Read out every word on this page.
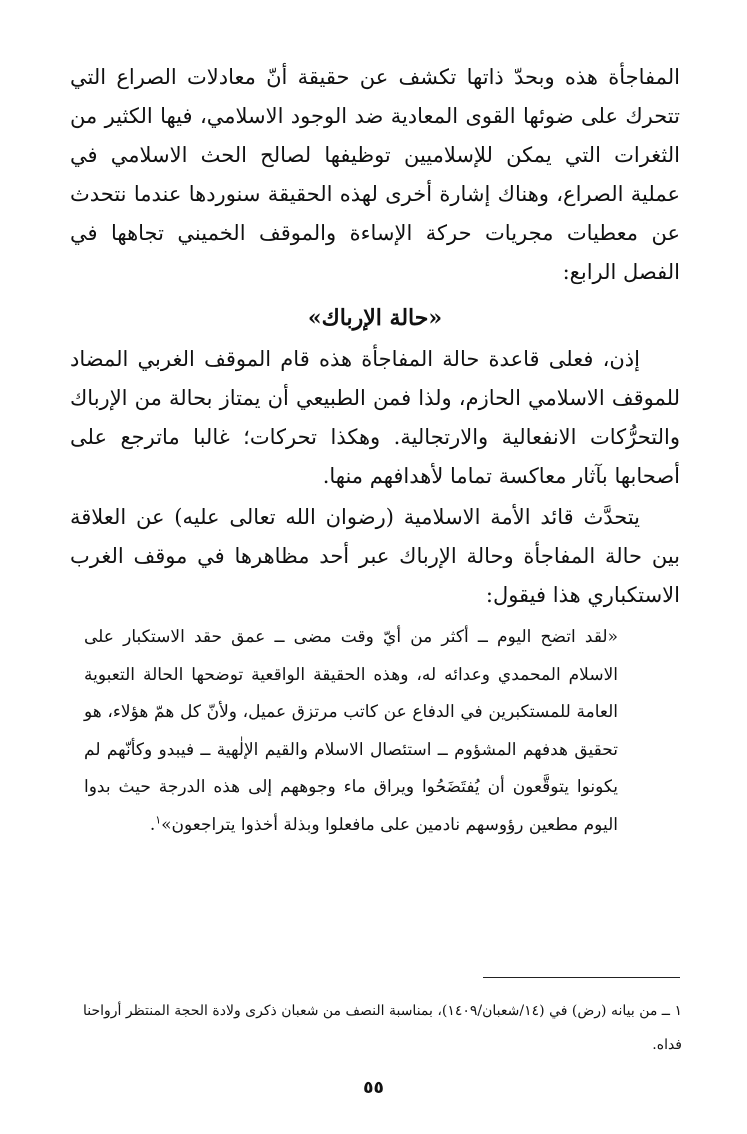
المفاجأة هذه وبحدّ ذاتها تكشف عن حقيقة أنّ معادلات الصراع التي تتحرك على ضوئها القوى المعادية ضد الوجود الاسلامي، فيها الكثير من الثغرات التي يمكن للإسلاميين توظيفها لصالح الحث الاسلامي في عملية الصراع، وهناك إشارة أخرى لهذه الحقيقة سنوردها عندما نتحدث عن معطيات مجريات حركة الإساءة والموقف الخميني تجاهها في الفصل الرابع:

«حالة الإرباك»

إذن، فعلى قاعدة حالة المفاجأة هذه قام الموقف الغربي المضاد للموقف الاسلامي الحازم، ولذا فمن الطبيعي أن يمتاز بحالة من الإرباك والتحرُّكات الانفعالية والارتجالية. وهكذا تحركات؛ غالبا ماترجع على أصحابها بآثار معاكسة تماما لأهدافهم منها.

يتحدَّث قائد الأمة الاسلامية (رضوان الله تعالى عليه) عن العلاقة بين حالة المفاجأة وحالة الإرباك عبر أحد مظاهرها في موقف الغرب الاستكباري هذا فيقول:

«لقد اتضح اليوم ــ أكثر من أيّ وقت مضى ــ عمق حقد الاستكبار على الاسلام المحمدي وعدائه له، وهذه الحقيقة الواقعية توضحها الحالة التعبوية العامة للمستكبرين في الدفاع عن كاتب مرتزق عميل، ولأنّ كل همّ هؤلاء، هو تحقيق هدفهم المشؤوم ــ استئصال الاسلام والقيم الإلٰهية ــ فيبدو وكأنّهم لم يكونوا يتوقَّعون أن يُفتَضَحُوا ويراق ماء وجوههم إلى هذه الدرجة حيث بدوا اليوم مطعين رؤوسهم نادمين على مافعلوا وبذلة أخذوا يتراجعون»$^١$.

١ ــ من بيانه (رض) في (١٤/شعبان/١٤٠٩)، بمناسبة النصف من شعبان ذكرى ولادة الحجة المنتظر أرواحنا فداه.
٥٥
